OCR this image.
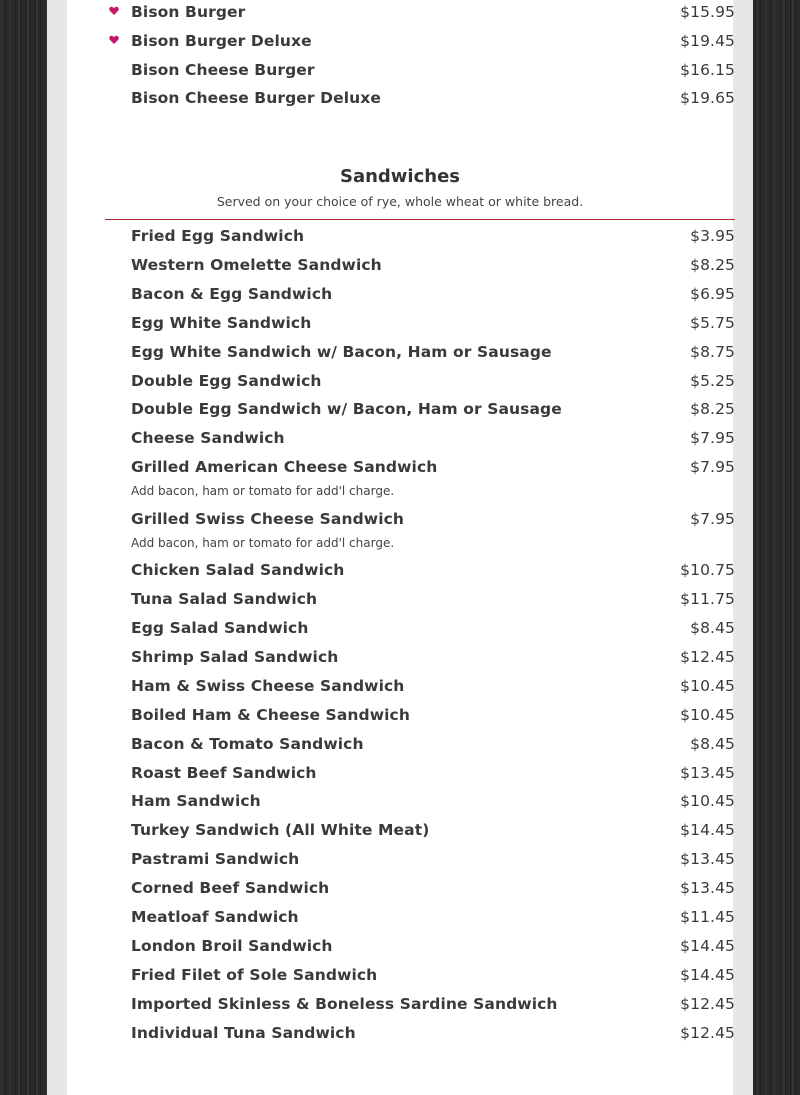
Sandwiches
Served on your choice of rye, whole wheat or white bread.
Bison Burger	$15.95
Bison Burger Deluxe	$19.45
Bison Cheese Burger	$16.15
Bison Cheese Burger Deluxe	$19.65
Fried Egg Sandwich	$3.95
Western Omelette Sandwich	$8.25
Bacon & Egg Sandwich	$6.95
Egg White Sandwich	$5.75
Egg White Sandwich w/ Bacon, Ham or Sausage	$8.75
Double Egg Sandwich	$5.25
Double Egg Sandwich w/ Bacon, Ham or Sausage	$8.25
Cheese Sandwich	$7.95
Grilled American Cheese Sandwich	$7.95
Add bacon, ham or tomato for add'l charge.
Grilled Swiss Cheese Sandwich	$7.95
Add bacon, ham or tomato for add'l charge.
Chicken Salad Sandwich	$10.75
Tuna Salad Sandwich	$11.75
Egg Salad Sandwich	$8.45
Shrimp Salad Sandwich	$12.45
Ham & Swiss Cheese Sandwich	$10.45
Boiled Ham & Cheese Sandwich	$10.45
Bacon & Tomato Sandwich	$8.45
Roast Beef Sandwich	$13.45
Ham Sandwich	$10.45
Turkey Sandwich (All White Meat)	$14.45
Pastrami Sandwich	$13.45
Corned Beef Sandwich	$13.45
Meatloaf Sandwich	$11.45
London Broil Sandwich	$14.45
Fried Filet of Sole Sandwich	$14.45
Imported Skinless & Boneless Sardine Sandwich	$12.45
Individual Tuna Sandwich	$12.45
